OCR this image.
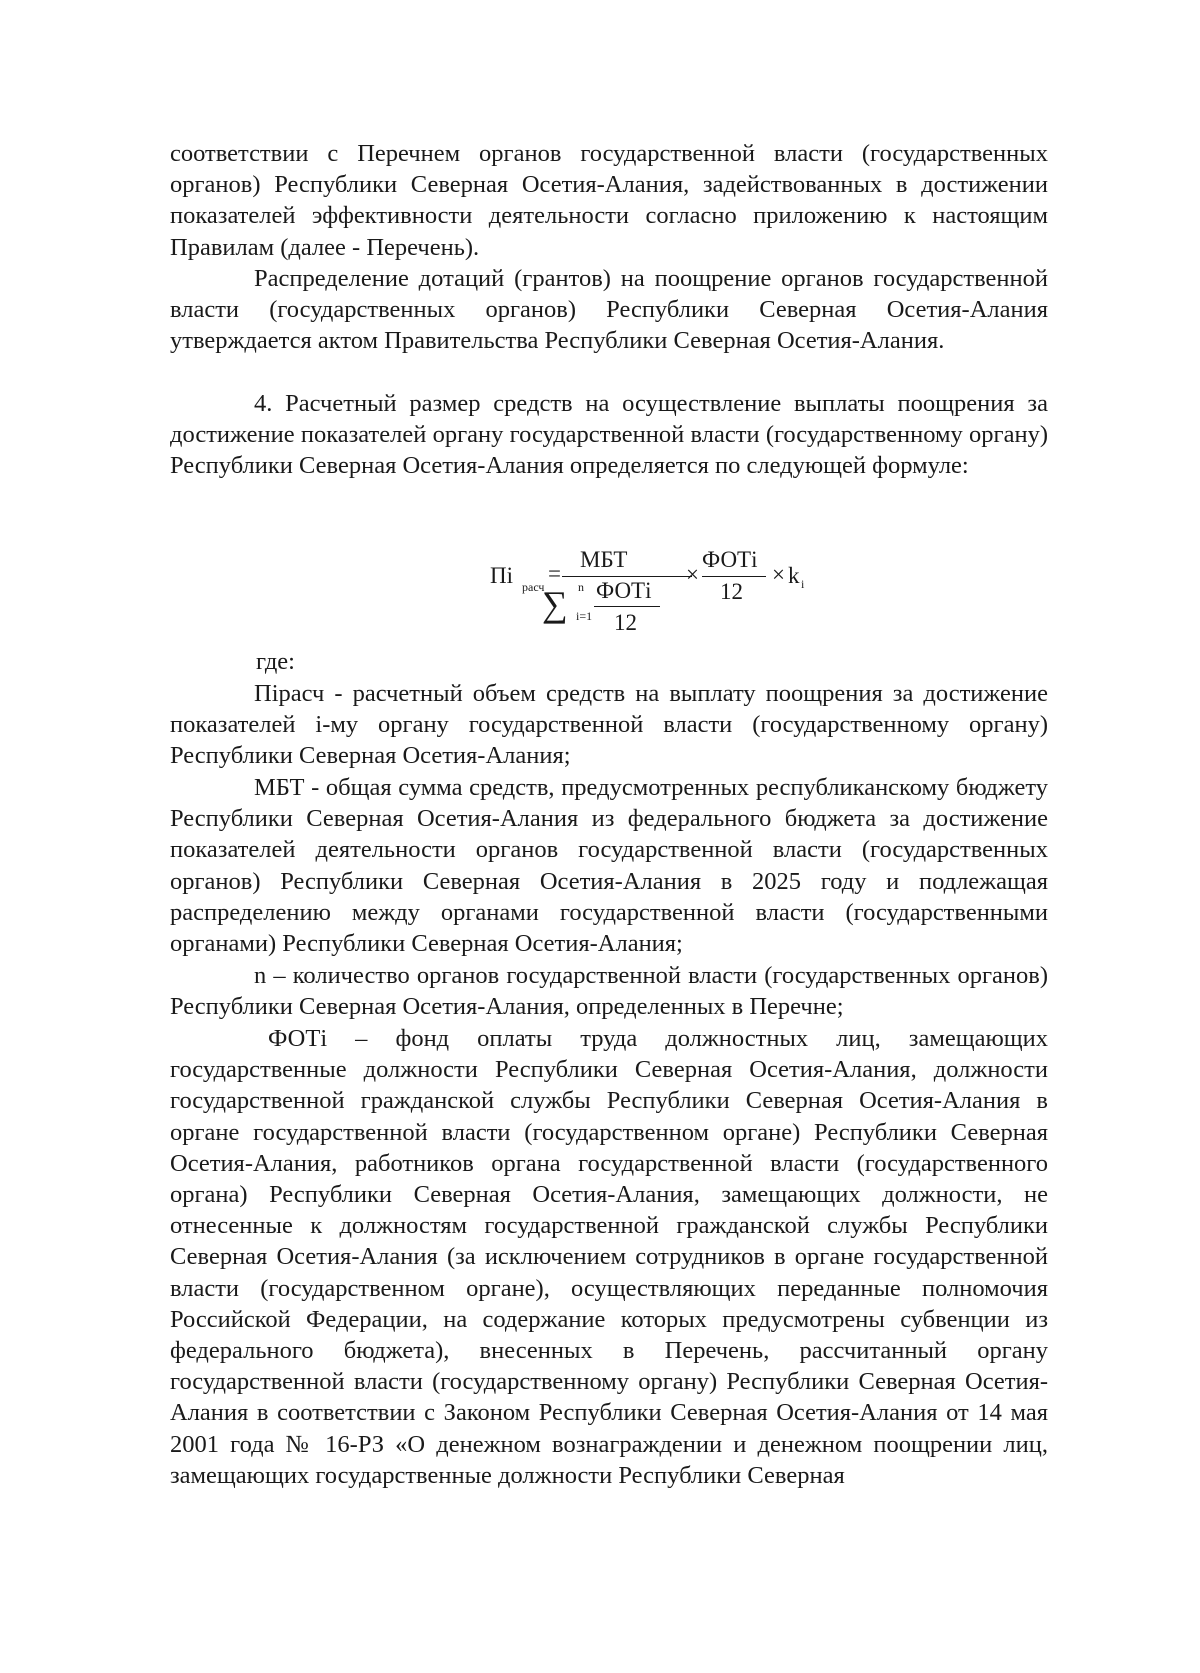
соответствии с Перечнем органов государственной власти (государственных органов) Республики Северная Осетия-Алания, задействованных в достижении показателей эффективности деятельности согласно приложению к настоящим Правилам (далее - Перечень).

Распределение дотаций (грантов) на поощрение органов государственной власти (государственных органов) Республики Северная Осетия-Алания утверждается актом Правительства Республики Северная Осетия-Алания.

4. Расчетный размер средств на осуществление выплаты поощрения за достижение показателей органу государственной власти (государственному органу) Республики Северная Осетия-Алания определяется по следующей формуле:

Пi расч
=
МБТ
∑ n
i=1
ФОТi
12
×
ФОТi
12
× k i

где:

Пiрасч - расчетный объем средств на выплату поощрения за достижение показателей i-му органу государственной власти (государственному органу) Республики Северная Осетия-Алания;

МБТ - общая сумма средств, предусмотренных республиканскому бюджету Республики Северная Осетия-Алания из федерального бюджета за достижение показателей деятельности органов государственной власти (государственных органов) Республики Северная Осетия-Алания в 2025 году и подлежащая распределению между органами государственной власти (государственными органами) Республики Северная Осетия-Алания;

n – количество органов государственной власти (государственных органов) Республики Северная Осетия-Алания, определенных в Перечне;

ФОТi – фонд оплаты труда должностных лиц, замещающих государственные должности Республики Северная Осетия-Алания, должности государственной гражданской службы Республики Северная Осетия-Алания в органе государственной власти (государственном органе) Республики Северная Осетия-Алания, работников органа государственной власти (государственного органа) Республики Северная Осетия-Алания, замещающих должности, не отнесенные к должностям государственной гражданской службы Республики Северная Осетия-Алания (за исключением сотрудников в органе государственной власти (государственном органе), осуществляющих переданные полномочия Российской Федерации, на содержание которых предусмотрены субвенции из федерального бюджета), внесенных в Перечень, рассчитанный органу государственной власти (государственному органу) Республики Северная Осетия-Алания в соответствии с Законом Республики Северная Осетия-Алания от 14 мая 2001 года № 16-РЗ «О денежном вознаграждении и денежном поощрении лиц, замещающих государственные должности Республики Северная
